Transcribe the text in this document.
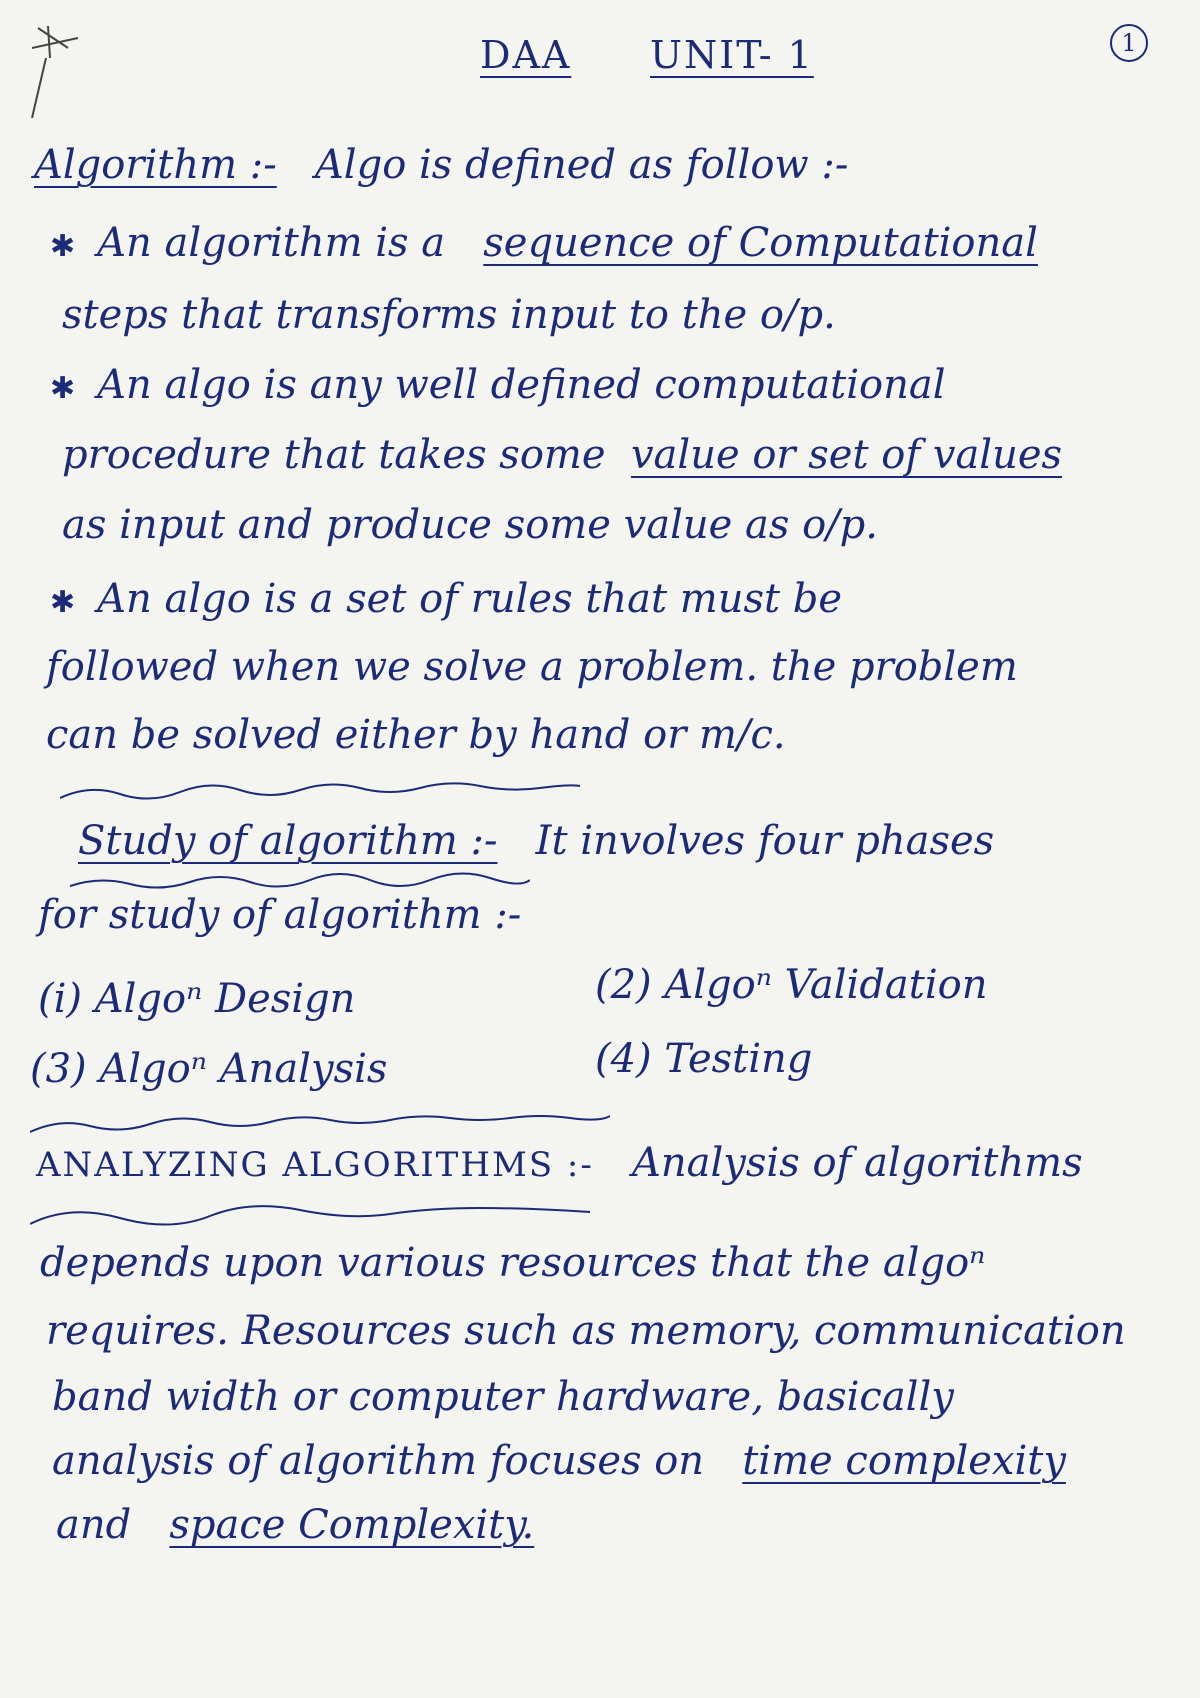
DAA UNIT- 1	1
Algorithm :- Algo is defined as follow :-
✱ An algorithm is a sequence of Computational
steps that transforms input to the o/p.
✱ An algo is any well defined computational
procedure that takes some value or set of values
as input and produce some value as o/p.
✱ An algo is a set of rules that must be
followed when we solve a problem. the problem
can be solved either by hand or m/c.
Study of algorithm :- It involves four phases
for study of algorithm :-
(i) Algoⁿ Design	(2) Algoⁿ Validation
(3) Algoⁿ Analysis	(4) Testing
ANALYZING ALGORITHMS :- Analysis of algorithms
depends upon various resources that the algoⁿ
requires. Resources such as memory, communication
band width or computer hardware, basically
analysis of algorithm focuses on time complexity
and space Complexity.
